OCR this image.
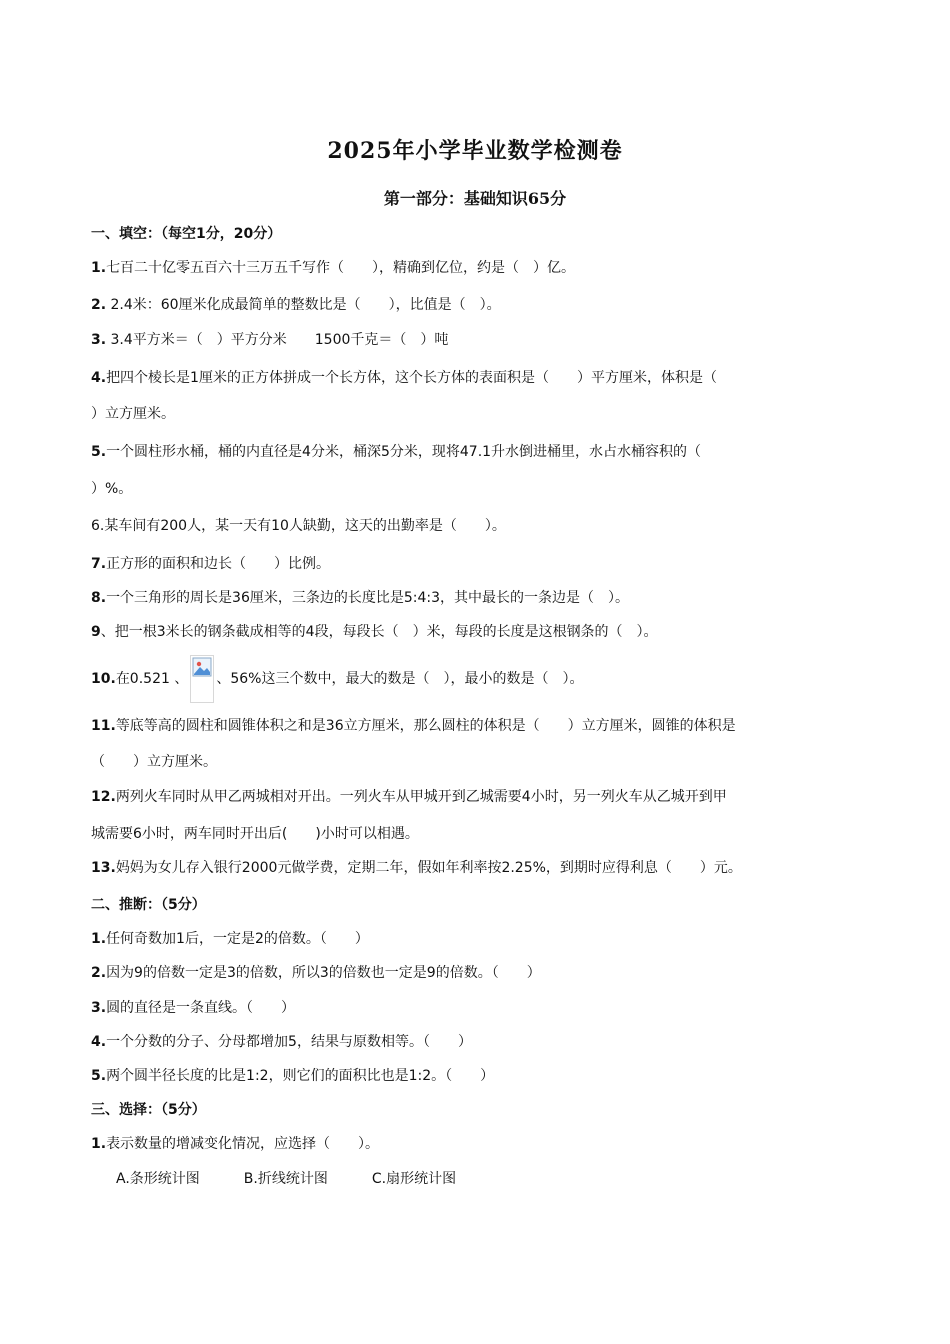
2025年小学毕业数学检测卷
第一部分：基础知识65分
一、填空：（每空1分，20分）
1.七百二十亿零五百六十三万五千写作（　　），精确到亿位，约是（　）亿。
2. 2.4米：60厘米化成最简单的整数比是（　　），比值是（　）。
3. 3.4平方米＝（　）平方分米　　1500千克＝（　）吨
4.把四个棱长是1厘米的正方体拼成一个长方体，这个长方体的表面积是（　　）平方厘米，体积是（
）立方厘米。
5.一个圆柱形水桶，桶的内直径是4分米，桶深5分米，现将47.1升水倒进桶里，水占水桶容积的（
）%。
6.某车间有200人，某一天有10人缺勤，这天的出勤率是（　　）。
7.正方形的面积和边长（　　）比例。
8.一个三角形的周长是36厘米，三条边的长度比是5:4:3，其中最长的一条边是（　）。
9、把一根3米长的钢条截成相等的4段，每段长（　）米，每段的长度是这根钢条的（　）。
10.在0.521 、 、56%这三个数中，最大的数是（　），最小的数是（　）。
11.等底等高的圆柱和圆锥体积之和是36立方厘米，那么圆柱的体积是（　　）立方厘米，圆锥的体积是
（　　）立方厘米。
12.两列火车同时从甲乙两城相对开出。一列火车从甲城开到乙城需要4小时，另一列火车从乙城开到甲
城需要6小时，两车同时开出后(　　)小时可以相遇。
13.妈妈为女儿存入银行2000元做学费，定期二年，假如年利率按2.25%，到期时应得利息（　　）元。
二、推断：（5分）
1.任何奇数加1后，一定是2的倍数。（　　）
2.因为9的倍数一定是3的倍数，所以3的倍数也一定是9的倍数。（　　）
3.圆的直径是一条直线。（　　）
4.一个分数的分子、分母都增加5，结果与原数相等。（　　）
5.两个圆半径长度的比是1:2，则它们的面积比也是1:2。（　　）
三、选择：（5分）
1.表示数量的增减变化情况，应选择（　　）。
A.条形统计图	B.折线统计图	C.扇形统计图
